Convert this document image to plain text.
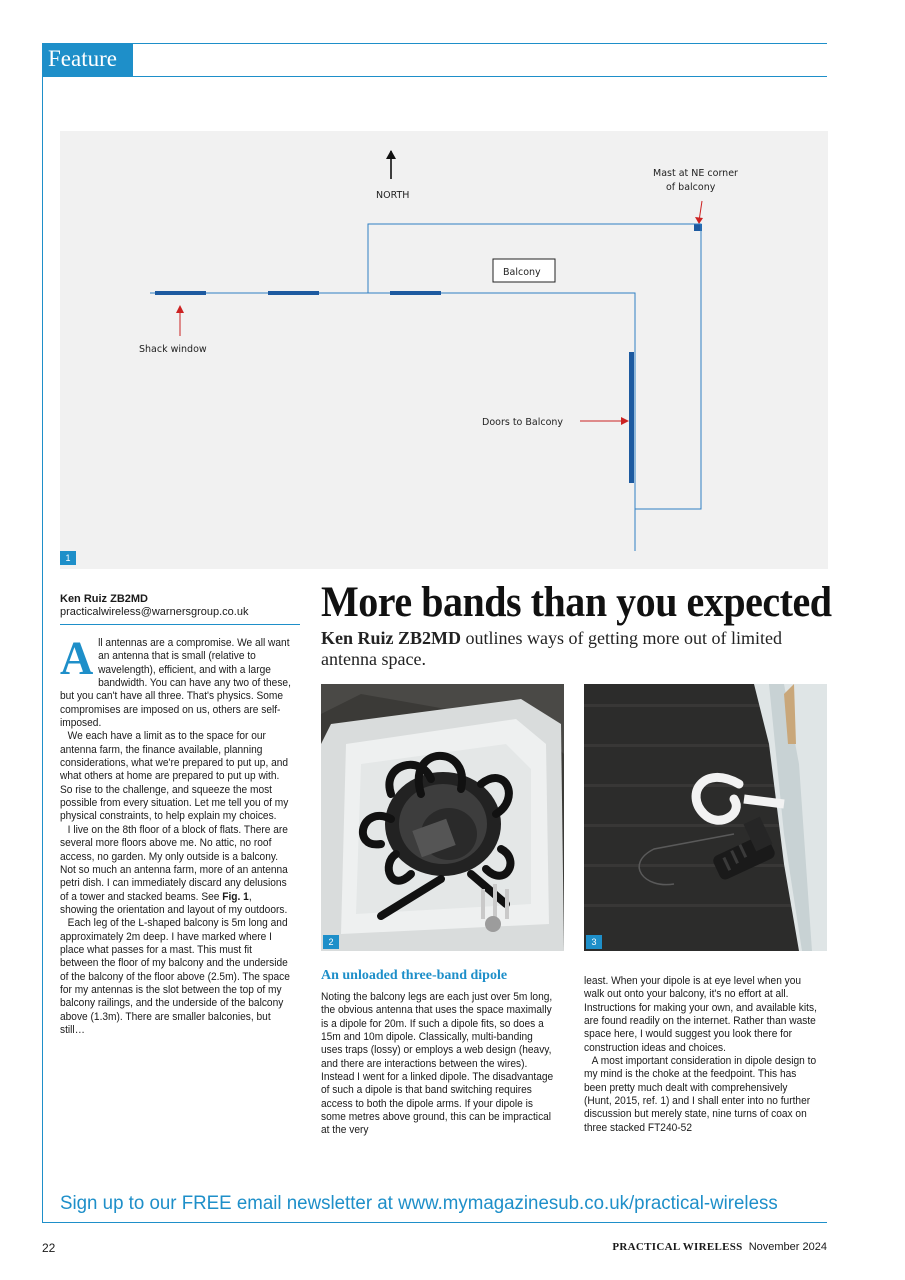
Feature
NORTH
Mast at NE corner
of balcony
Balcony
Shack window
Doors to Balcony
1
Ken Ruiz ZB2MD
practicalwireless@warnersgroup.co.uk More bands than you expected
Ken Ruiz ZB2MD outlines ways of getting more out of limited antenna space.
2	3

All antennas are a compromise. We all want an antenna that is small (relative to wavelength), efficient, and with a large bandwidth. You can have any two of these, but you can't have all three. That's physics. Some compromises are imposed on us, others are self-imposed.

We each have a limit as to the space for our antenna farm, the finance available, planning considerations, what we're prepared to put up, and what others at home are prepared to put up with. So rise to the challenge, and squeeze the most possible from every situation. Let me tell you of my physical constraints, to help explain my choices.

I live on the 8th floor of a block of flats. There are several more floors above me. No attic, no roof access, no garden. My only outside is a balcony. Not so much an antenna farm, more of an antenna petri dish. I can immediately discard any delusions of a tower and stacked beams. See Fig. 1, showing the orientation and layout of my outdoors.

Each leg of the L-shaped balcony is 5m long and approximately 2m deep. I have marked where I place what passes for a mast. This must fit between the floor of my balcony and the underside of the balcony of the floor above (2.5m). The space for my antennas is the slot between the top of my balcony railings, and the underside of the balcony above (1.3m). There are smaller balconies, but still…

An unloaded three-band dipole

Noting the balcony legs are each just over 5m long, the obvious antenna that uses the space maximally is a dipole for 20m. If such a dipole fits, so does a 15m and 10m dipole. Classically, multi-banding uses traps (lossy) or employs a web design (heavy, and there are interactions between the wires). Instead I went for a linked dipole. The disadvantage of such a dipole is that band switching requires access to both the dipole arms. If your dipole is some metres above ground, this can be impractical at the very

least. When your dipole is at eye level when you walk out onto your balcony, it's no effort at all. Instructions for making your own, and available kits, are found readily on the internet. Rather than waste space here, I would suggest you look there for construction ideas and choices.

A most important consideration in dipole design to my mind is the choke at the feedpoint. This has been pretty much dealt with comprehensively (Hunt, 2015, ref. 1) and I shall enter into no further discussion but merely state, nine turns of coax on three stacked FT240-52

Sign up to our FREE email newsletter at www.mymagazinesub.co.uk/practical-wireless
22	PRACTICAL WIRELESS November 2024
